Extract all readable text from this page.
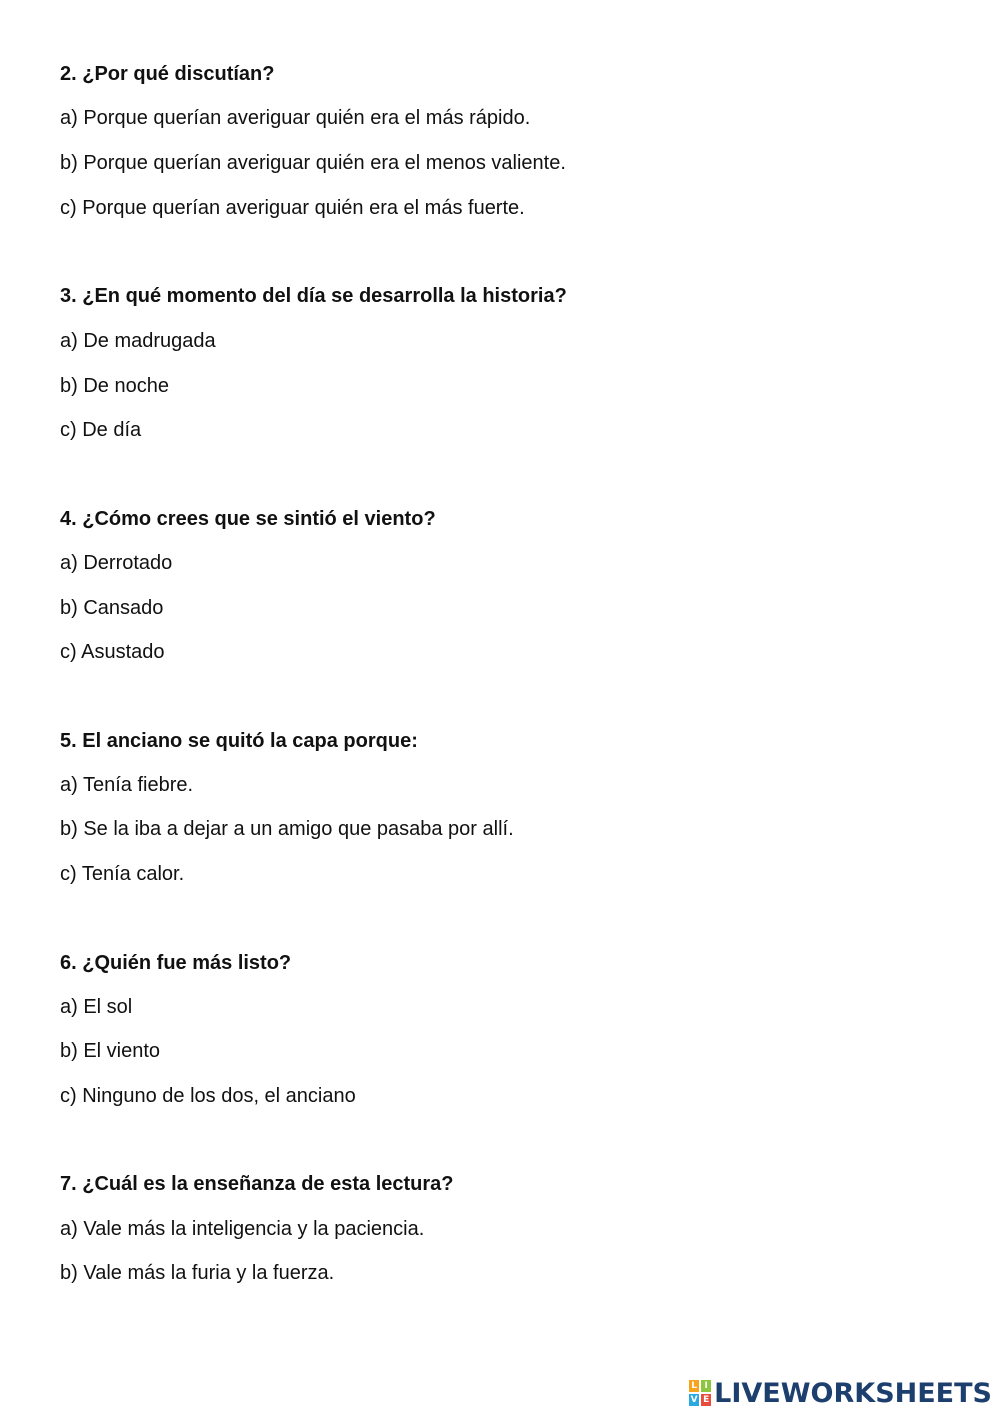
2. ¿Por qué discutían?
a) Porque querían averiguar quién era el más rápido.
b) Porque querían averiguar quién era el menos valiente.
c) Porque querían averiguar quién era el más fuerte.
3. ¿En qué momento del día se desarrolla la historia?
a) De madrugada
b) De noche
c) De día
4. ¿Cómo crees que se sintió el viento?
a) Derrotado
b) Cansado
c) Asustado
5. El anciano se quitó la capa porque:
a) Tenía fiebre.
b) Se la iba a dejar a un amigo que pasaba por allí.
c) Tenía calor.
6. ¿Quién fue más listo?
a) El sol
b) El viento
c) Ninguno de los dos, el anciano
7. ¿Cuál es la enseñanza de esta lectura?
a) Vale más la inteligencia y la paciencia.
b) Vale más la furia y la fuerza.
L I
V E LIVEWORKSHEETS
